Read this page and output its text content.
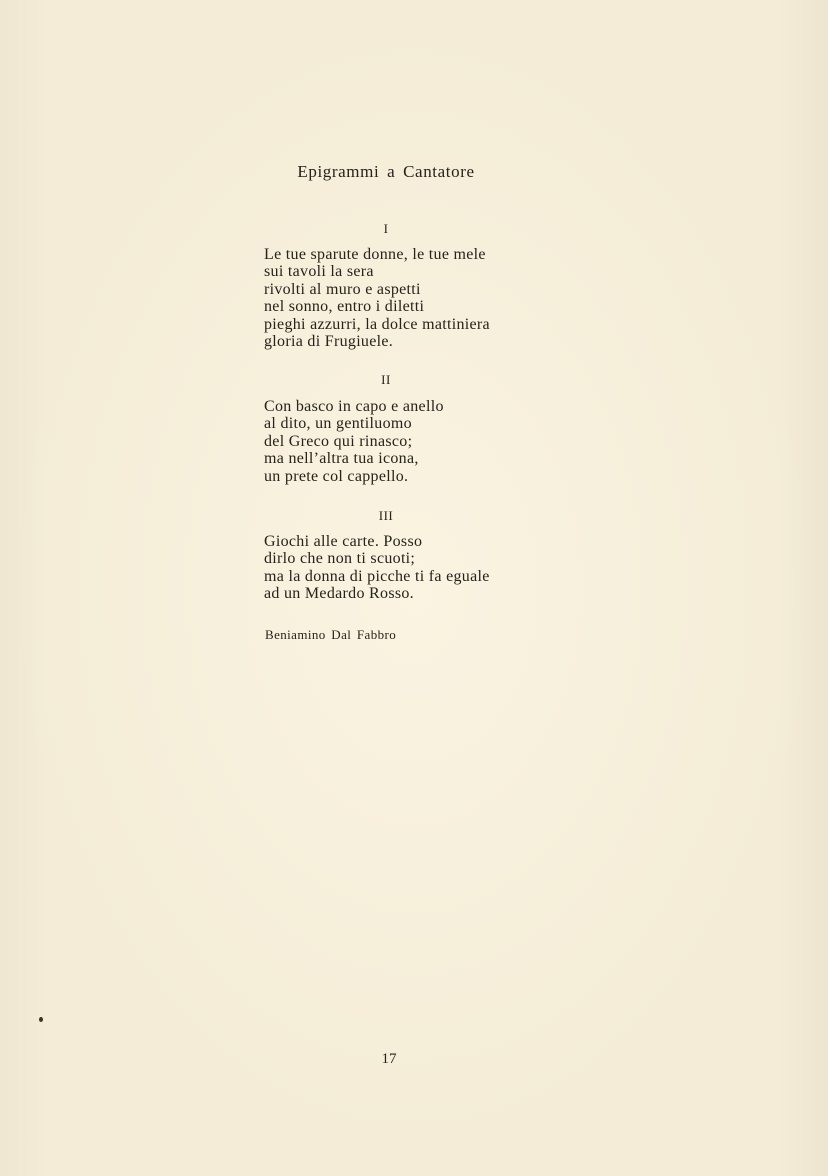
Epigrammi a Cantatore
I
Le tue sparute donne, le tue mele
sui tavoli la sera
rivolti al muro e aspetti
nel sonno, entro i diletti
pieghi azzurri, la dolce mattiniera
gloria di Frugiuele.
II
Con basco in capo e anello
al dito, un gentiluomo
del Greco qui rinasco;
ma nell’altra tua icona,
un prete col cappello.
III
Giochi alle carte. Posso
dirlo che non ti scuoti;
ma la donna di picche ti fa eguale
ad un Medardo Rosso.
Beniamino Dal Fabbro
17
